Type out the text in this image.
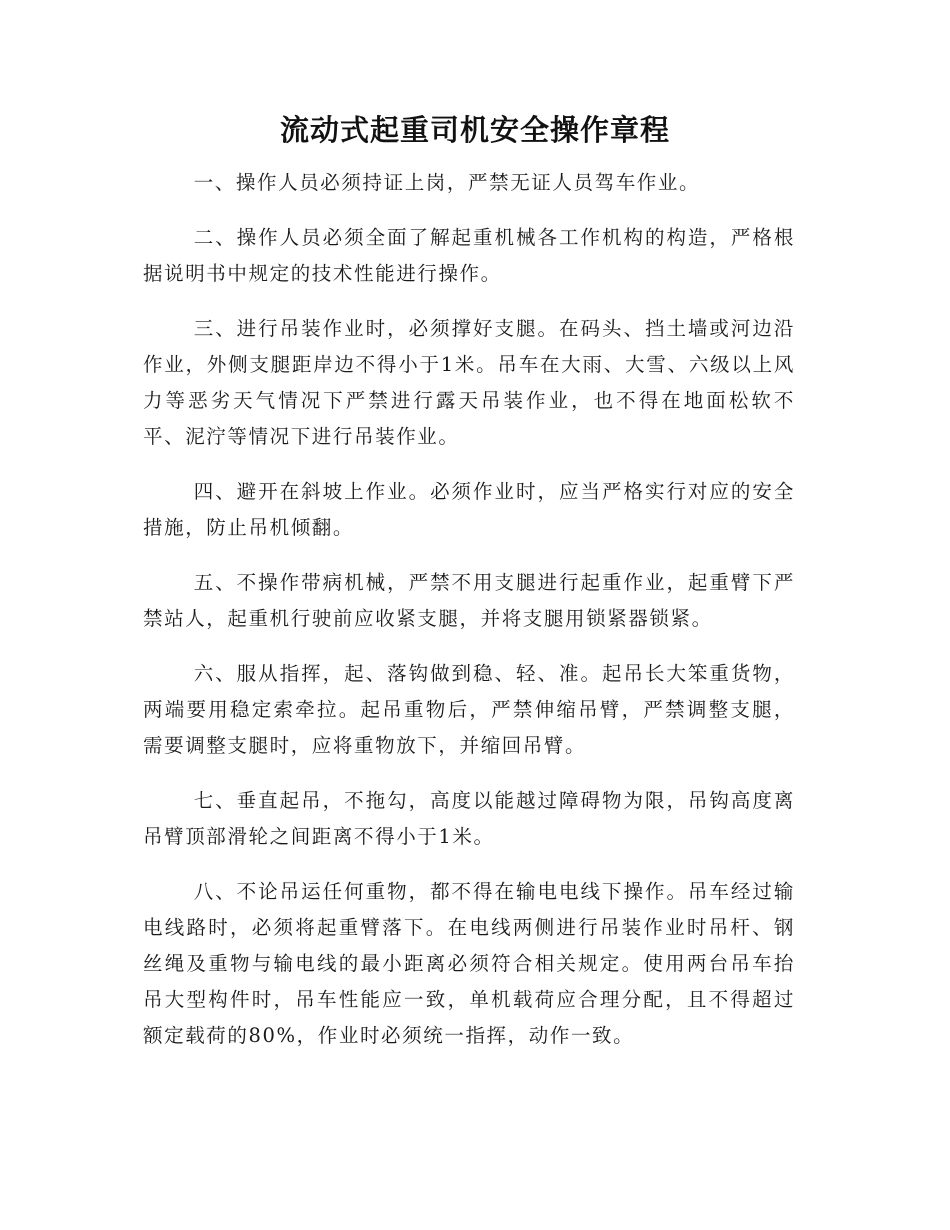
流动式起重司机安全操作章程

一、操作人员必须持证上岗，严禁无证人员驾车作业。

二、操作人员必须全面了解起重机械各工作机构的构造，严格根据说明书中规定的技术性能进行操作。

三、进行吊装作业时，必须撑好支腿。在码头、挡土墙或河边沿作业，外侧支腿距岸边不得小于1米。吊车在大雨、大雪、六级以上风力等恶劣天气情况下严禁进行露天吊装作业，也不得在地面松软不平、泥泞等情况下进行吊装作业。

四、避开在斜坡上作业。必须作业时，应当严格实行对应的安全措施，防止吊机倾翻。

五、不操作带病机械，严禁不用支腿进行起重作业，起重臂下严禁站人，起重机行驶前应收紧支腿，并将支腿用锁紧器锁紧。

六、服从指挥，起、落钩做到稳、轻、准。起吊长大笨重货物，两端要用稳定索牵拉。起吊重物后，严禁伸缩吊臂，严禁调整支腿，需要调整支腿时，应将重物放下，并缩回吊臂。

七、垂直起吊，不拖勾，高度以能越过障碍物为限，吊钩高度离吊臂顶部滑轮之间距离不得小于1米。

八、不论吊运任何重物，都不得在输电电线下操作。吊车经过输电线路时，必须将起重臂落下。在电线两侧进行吊装作业时吊杆、钢丝绳及重物与输电线的最小距离必须符合相关规定。使用两台吊车抬吊大型构件时，吊车性能应一致，单机载荷应合理分配，且不得超过额定载荷的80%，作业时必须统一指挥，动作一致。
